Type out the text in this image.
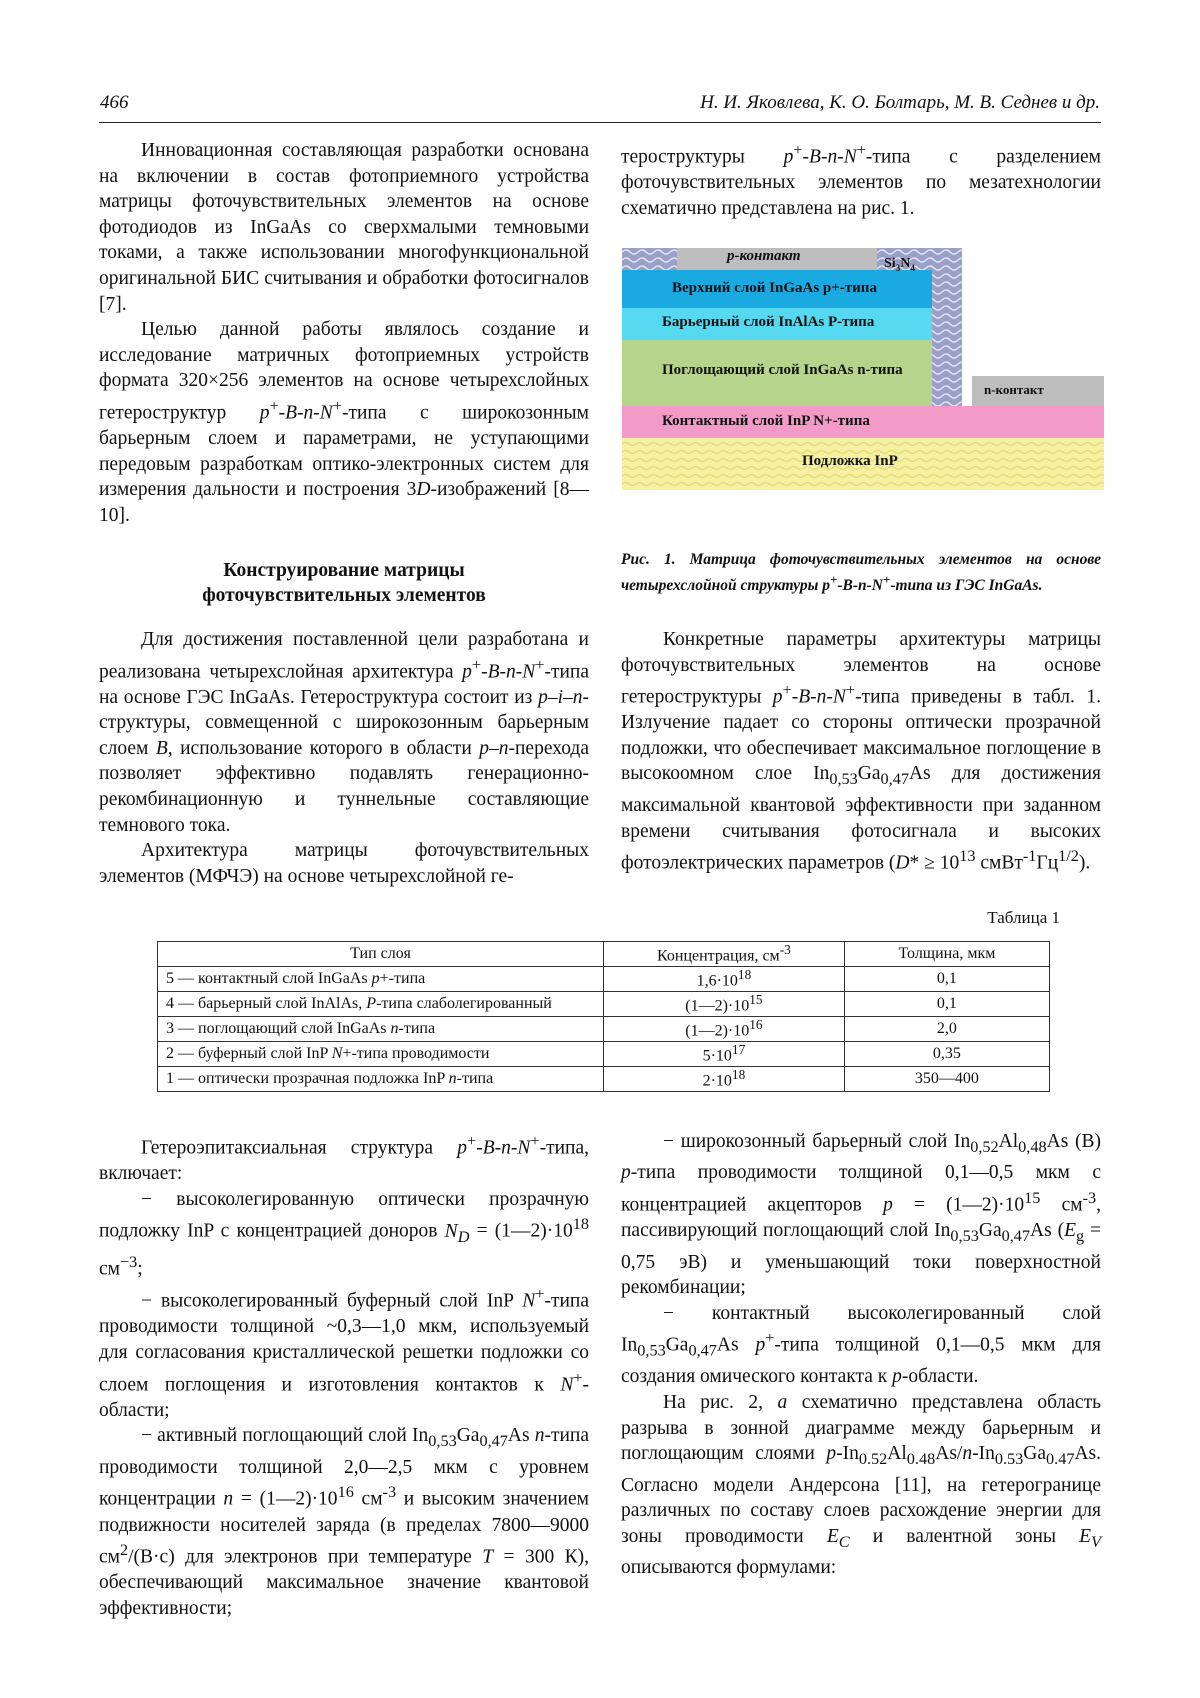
466	Н. И. Яковлева, К. О. Болтарь, М. В. Седнев и др.

Инновационная составляющая разработки основана на включении в состав фотоприемного устройства матрицы фоточувствительных элементов на основе фотодиодов из InGaAs со сверхмалыми темновыми токами, а также использовании многофункциональной оригинальной БИС считывания и обработки фотосигналов [7].

Целью данной работы являлось создание и исследование матричных фотоприемных устройств формата 320×256 элементов на основе четырехслойных гетероструктур p+-B-n-N+-типа с широкозонным барьерным слоем и параметрами, не уступающими передовым разработкам оптико-электронных систем для измерения дальности и построения 3D-изображений [8—10].

тероструктуры p+-B-n-N+-типа с разделением фоточувствительных элементов по мезатехнологии схематично представлена на рис. 1.

p-контакт	$Si_3N_4$
Верхний слой InGaAs p+-типа
Барьерный слой InAlAs P-типа
Поглощающий слой InGaAs n-типа
n-контакт
Контактный слой InP N+-типа
Подложка InP
Рис. 1. Матрица фоточувствительных элементов на основе четырехслойной структуры p+-B-n-N+-типа из ГЭС InGaAs.
Конструирование матрицы
фоточувствительных элементов

Для достижения поставленной цели разработана и реализована четырехслойная архитектура p+-B-n-N+-типа на основе ГЭС InGaAs. Гетероструктура состоит из p–i–n-структуры, совмещенной с широкозонным барьерным слоем B, использование которого в области p–n-перехода позволяет эффективно подавлять генерационно-рекомбинационную и туннельные составляющие темнового тока.

Архитектура матрицы фоточувствительных элементов (МФЧЭ) на основе четырехслойной ге-

Конкретные параметры архитектуры матрицы фоточувствительных элементов на основе гетероструктуры p+-B-n-N+-типа приведены в табл. 1. Излучение падает со стороны оптически прозрачной подложки, что обеспечивает максимальное поглощение в высокоомном слое $In_{0,53}Ga_{0,47}As$ для достижения максимальной квантовой эффективности при заданном времени считывания фотосигнала и высоких фотоэлектрических параметров ($D* \ge 10^{13}$ $смВт^{-1}Гц^{1/2}$).

Таблица 1
Тип слоя	Концентрация, $см^{-3}$	Толщина, мкм
5 — контактный слой InGaAs p+-типа	$1,6\cdot 10^{18}$	0,1
4 — барьерный слой InAlAs, P-типа слаболегированный	$(1—2)\cdot 10^{15}$	0,1
3 — поглощающий слой InGaAs n-типа	$(1—2)\cdot 10^{16}$	2,0
2 — буферный слой InP N+-типа проводимости	$5\cdot 10^{17}$	0,35
1 — оптически прозрачная подложка InP n-типа	$2\cdot 10^{18}$	350—400

Гетероэпитаксиальная структура p+-B-n-N+-типа, включает:

− высоколегированную оптически прозрачную подложку InP с концентрацией доноров $N_D$ = $(1—2)\cdot 10^{18}$ $см^{-3}$;

− высоколегированный буферный слой InP N+-типа проводимости толщиной ~0,3—1,0 мкм, используемый для согласования кристаллической решетки подложки со слоем поглощения и изготовления контактов к N+-области;

− активный поглощающий слой $In_{0,53}Ga_{0,47}As$ n-типа проводимости толщиной 2,0—2,5 мкм с уровнем концентрации $n = (1—2)\cdot 10^{16}$ $см^{-3}$ и высоким значением подвижности носителей заряда (в пределах 7800—9000 $см^2/(В\cdot с)$ для электронов при температуре T = 300 К), обеспечивающий максимальное значение квантовой эффективности;

− широкозонный барьерный слой $In_{0,52}Al_{0,48}As$ (B) p-типа проводимости толщиной 0,1—0,5 мкм с концентрацией акцепторов $p = (1—2)\cdot 10^{15}$ $см^{-3}$, пассивирующий поглощающий слой $In_{0,53}Ga_{0,47}As$ ($E_g = 0,75$ эВ) и уменьшающий токи поверхностной рекомбинации;

− контактный высоколегированный слой $In_{0,53}Ga_{0,47}As$ p+-типа толщиной 0,1—0,5 мкм для создания омического контакта к p-области.

На рис. 2, а схематично представлена область разрыва в зонной диаграмме между барьерным и поглощающим слоями $p-In_{0.52}Al_{0.48}As/n-In_{0.53}Ga_{0.47}As$. Согласно модели Андерсона [11], на гетерогранице различных по составу слоев расхождение энергии для зоны проводимости $E_C$ и валентной зоны $E_V$ описываются формулами:
